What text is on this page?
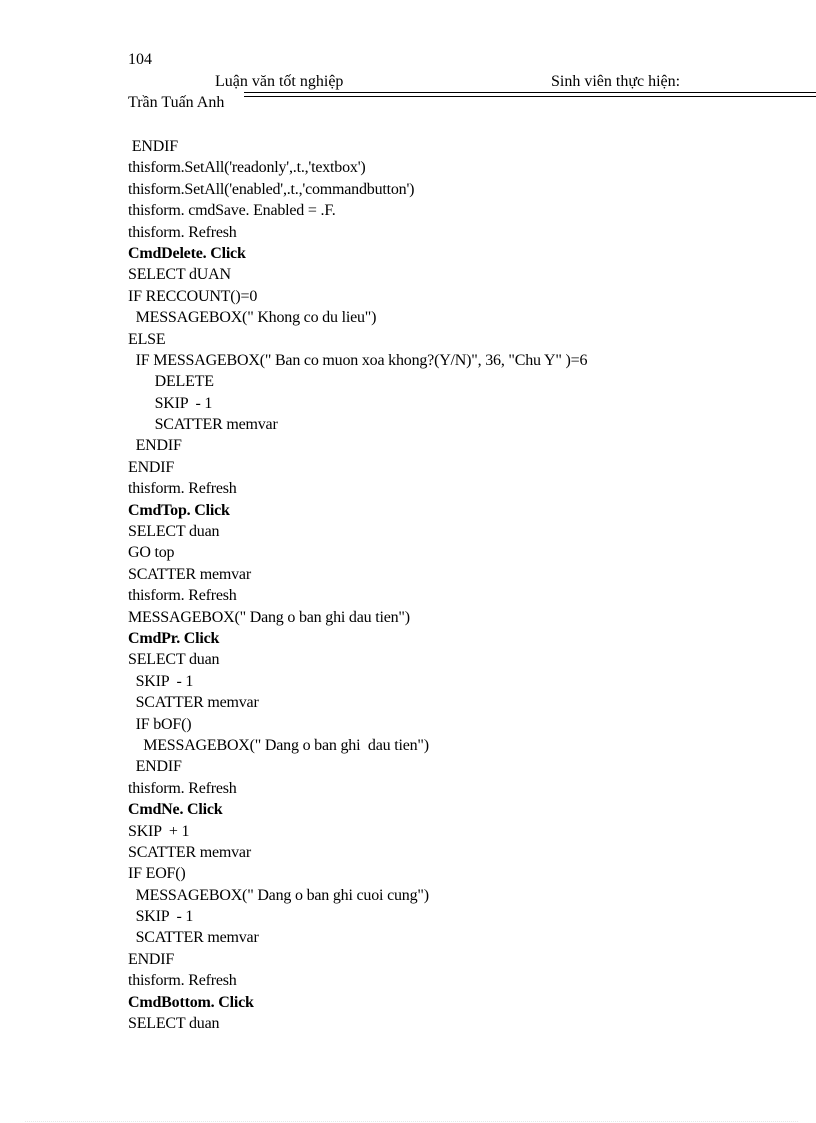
104
Luận văn tốt nghiệp	Sinh viên thực hiện:
Trần Tuấn Anh
ENDIF
thisform.SetAll('readonly',.t.,'textbox')
thisform.SetAll('enabled',.t.,'commandbutton')
thisform. cmdSave. Enabled = .F.
thisform. Refresh
CmdDelete. Click
SELECT dUAN
IF RECCOUNT()=0
MESSAGEBOX(" Khong co du lieu")
ELSE
IF MESSAGEBOX(" Ban co muon xoa khong?(Y/N)", 36, "Chu Y" )=6
DELETE
SKIP  - 1
SCATTER memvar
ENDIF
ENDIF
thisform. Refresh
CmdTop. Click
SELECT duan
GO top
SCATTER memvar
thisform. Refresh
MESSAGEBOX(" Dang o ban ghi dau tien")
CmdPr. Click
SELECT duan
SKIP  - 1
SCATTER memvar
IF bOF()
MESSAGEBOX(" Dang o ban ghi  dau tien")
ENDIF
thisform. Refresh
CmdNe. Click
SKIP  + 1
SCATTER memvar
IF EOF()
MESSAGEBOX(" Dang o ban ghi cuoi cung")
SKIP  - 1
SCATTER memvar
ENDIF
thisform. Refresh
CmdBottom. Click
SELECT duan
